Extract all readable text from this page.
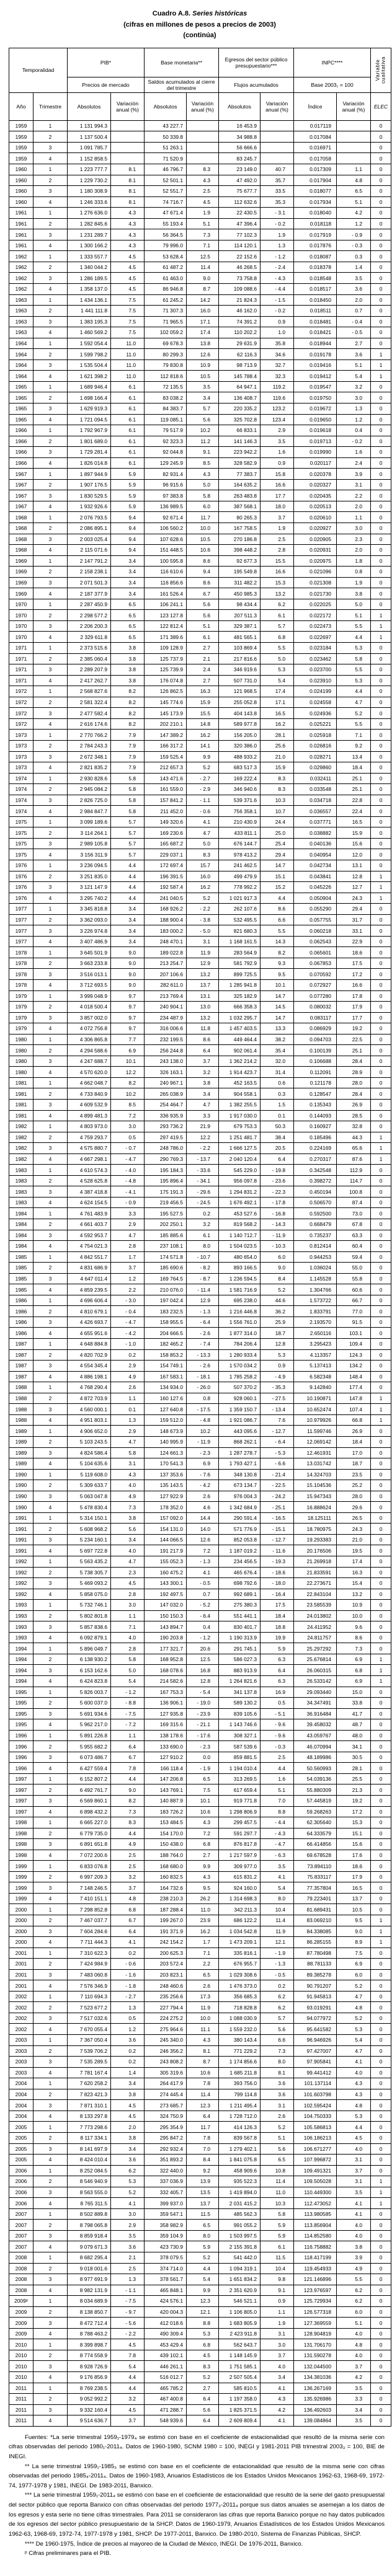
Cuadro A.8. Series históricas
(cifras en millones de pesos a precios de 2003)
(continúa)
Temporalidad		PIB*		Base monetaria**		Egresos del sector público presupuestario***		INPC****		Variable cualitativa

		Precios de mercado		Saldos acumulados al cierre del trimestre		Flujos acumulados		Base 2003₁ = 100		
Año	Trimestre	Absolutos	Variación anual (%)	Absolutos	Variación anual (%)	Absolutos	Variación anual (%)	Índice	Variación anual (%)	ELEC
1959	1	1 131 994.3		43 227.7		16 453.9		0.017119		0
1959	2	1 137 500.4		50 339.8		34 988.8		0.017084		0
1959	3	1 091 785.7		51 263.1		56 666.6		0.016971		0
1959	4	1 152 858.5		71 520.9		83 245.7		0.017058		0
1960	1	1 223 777.7	8.1	46 796.7	8.3	23 149.0	40.7	0.017309	1.1	0
1960	2	1 229 730.2	8.1	52 501.1	4.3	47 492.0	35.7	0.017904	4.8	0
1960	3	1 180 308.9	8.1	52 551.7	2.5	75 677.7	33.5	0.018077	6.5	0
1960	4	1 246 333.6	8.1	74 716.7	4.5	112 632.6	35.3	0.017934	5.1	0
1961	1	1 276 636.0	4.3	47 671.4	1.9	22 430.5	- 3.1	0.018040	4.2	0
1961	2	1 282 845.6	4.3	55 193.4	5.1	47 396.4	- 0.2	0.018118	1.2	0
1961	3	1 231 289.7	4.3	56 364.5	7.3	77 102.3	1.9	0.017919	- 0.9	0
1961	4	1 300 166.2	4.3	79 996.0	7.1	114 120.1	1.3	0.017876	- 0.3	0
1962	1	1 333 557.7	4.5	53 628.4	12.5	22 152.6	- 1.2	0.018087	0.3	0
1962	2	1 340 044.2	4.5	61 487.2	11.4	46 268.5	- 2.4	0.018378	1.4	0
1962	3	1 286 189.5	4.5	61 463.0	9.0	73 758.8	- 4.3	0.018548	3.5	0
1962	4	1 358 137.0	4.5	86 946.8	8.7	109 088.6	- 4.4	0.018517	3.6	0
1963	1	1 434 136.1	7.5	61 245.2	14.2	21 824.3	- 1.5	0.018450	2.0	0
1963	2	1 441 111.8	7.5	71 307.3	16.0	46 162.0	- 0.2	0.018511	0.7	0
1963	3	1 383 195.3	7.5	71 965.5	17.1	74 391.2	0.9	0.018481	- 0.4	0
1963	4	1 460 569.2	7.5	102 059.2	17.4	110 202.2	1.0	0.018421	- 0.5	0
1964	1	1 592 054.4	11.0	69 678.3	13.8	29 631.9	35.8	0.018944	2.7	0
1964	2	1 599 798.2	11.0	80 299.3	12.6	62 116.3	34.6	0.019178	3.6	1
1964	3	1 535 504.4	11.0	79 830.8	10.9	98 713.9	32.7	0.019416	5.1	1
1964	4	1 621 398.2	11.0	112 818.6	10.5	145 788.4	32.3	0.019412	5.4	1
1965	1	1 689 946.4	6.1	72 135.5	3.5	64 947.1	119.2	0.019547	3.2	0
1965	2	1 698 166.4	6.1	83 038.2	3.4	136 408.7	119.6	0.019750	3.0	0
1965	3	1 629 919.3	6.1	84 383.7	5.7	220 335.2	123.2	0.019672	1.3	0
1965	4	1 721 094.5	6.1	119 085.1	5.6	325 702.8	123.4	0.019650	1.2	0
1966	1	1 792 967.9	6.1	79 517.9	10.2	66 833.1	2.9	0.019618	0.4	0
1966	2	1 801 689.0	6.1	92 323.3	11.2	141 146.3	3.5	0.019713	- 0.2	0
1966	3	1 729 281.4	6.1	92 044.8	9.1	223 942.2	1.6	0.019990	1.6	0
1966	4	1 826 014.8	6.1	129 245.9	8.5	328 582.9	0.9	0.020117	2.4	0
1967	1	1 897 944.9	5.9	82 931.4	4.3	77 383.7	15.8	0.020378	3.9	0
1967	2	1 907 176.5	5.9	96 915.6	5.0	164 635.2	16.6	0.020327	3.1	0
1967	3	1 830 529.5	5.9	97 383.8	5.8	263 483.8	17.7	0.020435	2.2	0
1967	4	1 932 926.6	5.9	136 989.5	6.0	387 568.1	18.0	0.020513	2.0	0
1968	1	2 076 793.5	9.4	92 671.4	11.7	80 265.3	3.7	0.020610	1.1	0
1968	2	2 086 895.1	9.4	106 560.2	10.0	167 758.5	1.9	0.020927	3.0	0
1968	3	2 003 025.4	9.4	107 628.6	10.5	270 186.8	2.5	0.020905	2.3	0
1968	4	2 115 071.6	9.4	151 448.5	10.6	398 448.2	2.8	0.020931	2.0	0
1969	1	2 147 791.2	3.4	100 595.8	8.6	92 677.3	15.5	0.020975	1.8	0
1969	2	2 158 238.1	3.4	116 610.6	9.4	195 549.8	16.6	0.021096	0.8	0
1969	3	2 071 501.3	3.4	116 856.6	8.6	311 482.2	15.3	0.021308	1.9	0
1969	4	2 187 377.9	3.4	161 526.4	6.7	450 985.3	13.2	0.021730	3.8	0
1970	1	2 287 450.9	6.5	106 241.1	5.6	98 434.4	6.2	0.022025	5.0	0
1970	2	2 298 577.2	6.5	123 127.8	5.6	207 511.3	6.1	0.022172	5.1	1
1970	3	2 206 200.3	6.5	122 812.4	5.1	329 387.1	5.7	0.022473	5.5	1
1970	4	2 329 611.8	6.5	171 389.6	6.1	481 565.1	6.8	0.022697	4.4	1
1971	1	2 373 515.6	3.8	109 128.9	2.7	103 869.4	5.5	0.023184	5.3	0
1971	2	2 385 060.4	3.8	125 737.9	2.1	217 816.6	5.0	0.023462	5.8	0
1971	3	2 289 207.9	3.8	125 739.9	2.4	346 919.6	5.3	0.023700	5.5	0
1971	4	2 417 262.7	3.8	176 074.8	2.7	507 731.0	5.4	0.023910	5.3	0
1972	1	2 568 827.6	8.2	126 862.5	16.3	121 968.5	17.4	0.024199	4.4	0
1972	2	2 581 322.4	8.2	145 774.6	15.9	255 052.8	17.1	0.024558	4.7	0
1972	3	2 477 582.4	8.2	145 173.9	15.5	404 143.8	16.5	0.024936	5.2	0
1972	4	2 616 174.6	8.2	202 210.1	14.8	589 977.8	16.2	0.025221	5.5	0
1973	1	2 770 766.2	7.9	147 389.2	16.2	156 205.0	28.1	0.025918	7.1	0
1973	2	2 784 243.3	7.9	166 317.2	14.1	320 386.0	25.6	0.026816	9.2	0
1973	3	2 672 348.1	7.9	159 525.4	9.9	488 933.2	21.0	0.028271	13.4	0
1973	4	2 821 835.2	7.9	212 657.3	5.2	683 517.3	15.9	0.029860	18.4	0
1974	1	2 930 828.6	5.8	143 471.6	- 2.7	169 222.4	8.3	0.032411	25.1	0
1974	2	2 945 084.2	5.8	161 559.0	- 2.9	346 940.6	8.3	0.033548	25.1	0
1974	3	2 826 725.0	5.8	157 841.2	- 1.1	539 371.6	10.3	0.034718	22.8	0
1974	4	2 984 847.7	5.8	211 452.0	- 0.6	756 358.1	10.7	0.036557	22.4	0
1975	1	3 099 189.6	5.7	149 320.6	4.1	210 430.9	24.4	0.037771	16.5	0
1975	2	3 114 264.1	5.7	169 230.6	4.7	433 811.1	25.0	0.038882	15.9	0
1975	3	2 989 105.8	5.7	165 687.2	5.0	676 144.7	25.4	0.040136	15.6	0
1975	4	3 156 311.9	5.7	229 037.1	8.3	978 413.2	29.4	0.040954	12.0	0
1976	1	3 236 094.5	4.4	172 697.4	15.7	241 462.5	14.7	0.042734	13.1	0
1976	2	3 251 835.0	4.4	196 391.5	16.0	499 479.9	15.1	0.043841	12.8	1
1976	3	3 121 147.9	4.4	192 587.4	16.2	778 992.2	15.2	0.045226	12.7	1
1976	4	3 295 740.2	4.4	241 040.5	5.2	1 021 917.3	4.4	0.050904	24.3	1
1977	1	3 345 818.8	3.4	168 926.2	- 2.2	262 107.6	8.6	0.055290	29.4	0
1977	2	3 362 093.0	3.4	188 900.4	- 3.8	532 495.5	6.6	0.057755	31.7	0
1977	3	3 226 974.8	3.4	183 000.2	- 5.0	821 680.3	5.5	0.060218	33.1	0
1977	4	3 407 486.9	3.4	248 470.1	3.1	1 168 161.5	14.3	0.062543	22.9	0
1978	1	3 645 501.9	9.0	189 022.8	11.9	283 564.9	8.2	0.065601	18.6	0
1978	2	3 663 233.8	9.0	213 254.7	12.9	581 792.9	9.3	0.067853	17.5	0
1978	3	3 516 013.1	9.0	207 106.6	13.2	899 725.5	9.5	0.070592	17.2	0
1978	4	3 712 693.5	9.0	282 611.0	13.7	1 285 941.8	10.1	0.072927	16.6	0
1979	1	3 999 048.9	9.7	213 769.4	13.1	325 182.9	14.7	0.077280	17.8	0
1979	2	4 018 500.4	9.7	240 904.1	13.0	666 358.3	14.5	0.080032	17.9	0
1979	3	3 857 002.0	9.7	234 487.9	13.2	1 032 295.7	14.7	0.083117	17.7	0
1979	4	4 072 756.8	9.7	316 006.6	11.8	1 457 403.5	13.3	0.086929	19.2	0
1980	1	4 306 865.8	7.7	232 199.5	8.6	449 464.4	38.2	0.094703	22.5	0
1980	2	4 294 588.6	6.9	256 244.8	6.4	902 061.4	35.4	0.100139	25.1	0
1980	3	4 247 688.7	10.1	243 138.0	3.7	1 362 214.2	32.0	0.106688	28.4	0
1980	4	4 570 620.0	12.2	326 163.1	3.2	1 914 423.7	31.4	0.112091	28.9	0
1981	1	4 662 048.7	8.2	240 967.1	3.8	452 163.5	0.6	0.121178	28.0	0
1981	2	4 733 840.9	10.2	265 038.9	3.4	904 558.1	0.3	0.128547	28.4	0
1981	3	4 609 532.9	8.5	254 464.7	4.7	1 382 255.5	1.5	0.135343	26.9	0
1981	4	4 899 481.3	7.2	336 935.9	3.3	1 917 030.0	0.1	0.144093	28.5	0
1982	1	4 803 973.0	3.0	293 736.2	21.9	679 753.3	50.3	0.160927	32.8	0
1982	2	4 759 293.7	0.5	297 419.5	12.2	1 251 481.7	38.4	0.185496	44.3	1
1982	3	4 575 880.7	- 0.7	248 786.0	- 2.2	1 666 127.5	20.5	0.224169	65.6	1
1982	4	4 667 298.1	- 4.7	290 769.3	- 13.7	2 040 120.4	6.4	0.270317	87.6	1
1983	1	4 610 574.3	- 4.0	195 184.3	- 33.6	545 229.0	- 19.8	0.342548	112.9	0
1983	2	4 528 625.8	- 4.8	195 896.4	- 34.1	956 097.8	- 23.6	0.398272	114.7	0
1983	3	4 387 418.8	- 4.1	175 191.3	- 29.6	1 294 831.2	- 22.3	0.450194	100.8	0
1983	4	4 624 154.5	- 0.9	219 456.5	- 24.5	1 676 492.1	- 17.8	0.506570	87.4	0
1984	1	4 761 483.9	3.3	195 527.5	0.2	453 527.6	- 16.8	0.592500	73.0	0
1984	2	4 661 403.7	2.9	202 250.1	3.2	819 568.2	- 14.3	0.668479	67.8	0
1984	3	4 592 953.7	4.7	185 885.6	6.1	1 140 712.7	- 11.9	0.735237	63.3	0
1984	4	4 754 021.3	2.8	237 108.1	8.0	1 504 023.5	- 10.3	0.812414	60.4	0
1985	1	4 842 551.7	1.7	174 571.8	- 10.7	480 654.0	6.0	0.944253	59.4	0
1985	2	4 831 686.9	3.7	185 690.6	- 8.2	893 166.5	9.0	1.036024	55.0	0
1985	3	4 647 011.4	1.2	169 764.5	- 8.7	1 236 594.5	8.4	1.145528	55.8	0
1985	4	4 859 239.5	2.2	210 076.0	- 11.4	1 581 716.9	5.2	1.304766	60.6	0
1986	1	4 696 606.4	- 3.0	197 042.4	12.9	695 238.0	44.6	1.573722	66.7	0
1986	2	4 810 679.1	- 0.4	183 232.5	- 1.3	1 216 446.8	36.2	1.833791	77.0	0
1986	3	4 426 693.7	- 4.7	158 955.5	- 6.4	1 556 761.0	25.9	2.193570	91.5	0
1986	4	4 655 951.6	- 4.2	204 666.5	- 2.6	1 877 314.0	18.7	2.650116	103.1	0
1987	1	4 648 884.8	- 1.0	182 465.2	- 7.4	784 206.4	12.8	3.295423	109.4	0
1987	2	4 820 702.9	0.2	158 853.2	- 13.3	1 280 933.4	5.3	4.113357	124.3	0
1987	3	4 554 345.4	2.9	154 749.1	- 2.6	1 570 034.2	0.9	5.137413	134.2	0
1987	4	4 886 198.1	4.9	167 583.1	- 18.1	1 785 258.2	- 4.9	6.582348	148.4	0
1988	1	4 768 290.4	2.6	134 934.0	- 26.0	507 370.2	- 35.3	9.142840	177.4	0
1988	2	4 872 703.9	1.1	160 127.6	0.8	928 060.1	- 27.5	10.190871	147.8	1
1988	3	4 560 000.1	0.1	127 640.8	- 17.5	1 359 150.7	- 13.4	10.652474	107.4	1
1988	4	4 951 803.1	1.3	159 512.0	- 4.8	1 921 086.7	7.6	10.979926	66.8	1
1989	1	4 906 652.0	2.9	148 673.9	10.2	443 095.6	- 12.7	11.599746	26.9	0
1989	2	5 103 243.5	4.7	140 995.9	- 11.9	868 262.1	- 6.4	12.069142	18.4	0
1989	3	4 824 586.4	5.8	124 661.3	- 2.3	1 287 278.7	- 5.3	12.461931	17.0	0
1989	4	5 104 635.6	3.1	170 541.3	6.9	1 793 427.1	- 6.6	13.031742	18.7	0
1990	1	5 119 608.0	4.3	137 353.6	- 7.6	348 130.8	- 21.4	14.324703	23.5	0
1990	2	5 309 633.7	4.0	135 143.5	- 4.2	673 134.7	- 22.5	15.104536	25.2	0
1990	3	5 063 047.8	4.9	127 922.9	2.6	976 004.3	- 24.2	15.947343	28.0	0
1990	4	5 478 830.4	7.3	178 352.0	4.6	1 342 684.9	- 25.1	16.888624	29.6	0
1991	1	5 314 150.1	3.8	157 092.0	14.4	290 591.4	- 16.5	18.125111	26.5	0
1991	2	5 608 968.2	5.6	154 131.0	14.0	571 776.9	- 15.1	18.780975	24.3	0
1991	3	5 234 160.1	3.4	144 066.5	12.6	852 053.8	- 12.7	19.293383	21.0	0
1991	4	5 697 722.8	4.0	191 217.9	7.2	1 187 019.2	- 11.6	20.176506	19.5	0
1992	1	5 563 435.2	4.7	155 052.3	- 1.3	234 456.5	- 19.3	21.269918	17.4	0
1992	2	5 738 305.7	2.3	160 475.2	4.1	465 676.4	- 18.6	21.833591	16.3	0
1992	3	5 469 093.2	4.5	143 300.1	- 0.5	698 792.6	- 18.0	22.273671	15.4	0
1992	4	5 858 075.0	2.8	192 497.5	0.7	992 689.1	- 16.4	22.843104	13.2	0
1993	1	5 732 746.1	3.0	147 032.0	- 5.2	275 380.3	17.5	23.585539	10.9	0
1993	2	5 802 801.8	1.1	150 150.3	- 6.4	551 441.1	18.4	24.013802	10.0	0
1993	3	5 857 838.6	7.1	143 894.7	0.4	830 401.7	18.8	24.411952	9.6	0
1993	4	6 092 879.1	4.0	190 203.8	- 1.2	1 190 313.9	19.9	24.811757	8.6	0
1994	1	5 896 049.7	2.8	177 321.7	20.6	291 745.1	5.9	25.297292	7.3	0
1994	2	6 138 930.2	5.8	168 952.8	12.5	586 027.3	6.3	25.676814	6.9	1
1994	3	6 153 162.6	5.0	168 078.6	16.8	883 913.9	6.4	26.060315	6.8	1
1994	4	6 424 823.8	5.4	214 582.6	12.8	1 264 821.6	6.3	26.533142	6.9	1
1995	1	5 826 003.7	- 1.2	167 753.3	- 5.4	341 137.8	16.9	29.093440	15.0	0
1995	2	5 600 037.0	- 8.8	136 906.1	- 19.0	589 130.2	0.5	34.347491	33.8	0
1995	3	5 691 934.6	- 7.5	127 935.8	- 23.9	839 105.6	- 5.1	36.916484	41.7	0
1995	4	5 962 217.0	- 7.2	169 315.6	- 21.1	1 143 746.6	- 9.6	39.458032	48.7	0
1996	1	5 891 226.8	1.1	138 178.6	- 17.6	308 327.1	- 9.6	43.059767	48.0	0
1996	2	5 955 682.2	6.4	133 690.0	- 2.3	587 539.6	- 0.3	46.070994	34.1	0
1996	3	6 073 486.7	6.7	127 910.2	0.0	859 881.5	2.5	48.189986	30.5	0
1996	4	6 427 559.4	7.8	166 118.4	- 1.9	1 194 010.4	4.4	50.560993	28.1	0
1997	1	6 152 807.2	4.4	147 206.8	6.5	313 269.5	1.6	54.039136	25.5	0
1997	2	6 492 761.7	9.0	143 769.1	7.5	617 659.4	5.1	55.880309	21.3	0
1997	3	6 569 860.1	8.2	140 887.9	10.1	919 771.8	7.0	57.445819	19.2	0
1997	4	6 898 432.2	7.3	183 726.2	10.6	1 298 806.9	8.8	59.268263	17.2	0
1998	1	6 665 227.0	8.3	153 484.5	4.3	299 457.5	- 4.4	62.305640	15.3	0
1998	2	6 779 735.0	4.4	154 170.0	7.2	591 297.7	- 4.3	64.333579	15.1	0
1998	3	6 891 651.8	4.9	150 438.0	6.8	876 817.8	- 4.7	66.414856	15.6	0
1998	4	7 072 200.6	2.5	188 764.0	2.7	1 217 597.9	- 6.3	69.678528	17.6	0
1999	1	6 833 076.8	2.5	168 680.0	9.9	309 977.0	3.5	73.894110	18.6	0
1999	2	6 997 209.3	3.2	160 832.5	4.3	615 831.2	4.1	75.833117	17.9	0
1999	3	7 148 246.5	3.7	164 732.6	9.5	924 160.0	5.4	77.357804	16.5	0
1999	4	7 410 151.1	4.8	238 210.3	26.2	1 314 698.3	8.0	79.223401	13.7	0
2000	1	7 298 852.8	6.8	187 288.4	11.0	342 211.3	10.4	81.689431	10.5	0
2000	2	7 467 037.7	6.7	199 267.0	23.9	686 122.2	11.4	83.069210	9.5	1
2000	3	7 604 284.6	6.4	191 371.9	16.2	1 034 542.8	11.9	84.338085	9.0	1
2000	4	7 711 444.3	4.1	242 154.2	1.7	1 473 209.1	12.1	86.285155	8.9	1
2001	1	7 310 622.3	0.2	200 625.3	7.1	335 816.1	- 1.9	87.780498	7.5	0
2001	2	7 424 984.9	- 0.6	203 572.4	2.2	676 955.7	- 1.3	88.781133	6.9	0
2001	3	7 483 060.8	- 1.6	203 823.1	6.5	1 029 308.6	- 0.5	89.385278	6.0	0
2001	4	7 576 346.9	- 1.8	248 460.6	2.6	1 476 373.0	0.2	90.791207	5.2	0
2002	1	7 110 694.3	- 2.7	235 256.6	17.3	356 685.3	6.2	91.945813	4.7	0
2002	2	7 523 677.2	1.3	227 794.4	11.9	718 828.8	6.2	93.019291	4.8	0
2002	3	7 517 032.6	0.5	224 275.2	10.0	1 088 030.9	5.7	94.077972	5.2	0
2002	4	7 670 055.4	1.2	275 964.6	11.1	1 559 232.0	5.6	95.641582	5.3	0
2003	1	7 367 050.4	3.6	245 340.0	4.3	380 143.4	6.6	96.946926	5.4	0
2003	2	7 539 706.2	0.2	246 356.2	8.1	771 229.2	7.3	97.427007	4.7	0
2003	3	7 535 289.5	0.2	243 808.2	8.7	1 174 856.6	8.0	97.905841	4.1	0
2003	4	7 781 167.4	1.4	305 319.6	10.6	1 685 211.8	8.1	99.441412	4.0	0
2004	1	7 620 258.2	3.4	264 417.9	7.8	393 756.0	3.6	101.137114	4.3	0
2004	2	7 823 421.3	3.8	274 445.4	11.4	799 114.8	3.6	101.603798	4.3	0
2004	3	7 871 310.1	4.5	273 685.7	12.3	1 211 495.4	3.1	102.595424	4.8	0
2004	4	8 133 297.8	4.5	324 750.9	6.4	1 728 712.0	2.6	104.750333	5.3	0
2005	1	7 773 298.6	2.0	295 354.9	11.7	414 126.3	5.2	105.586813	4.4	0
2005	2	8 117 334.1	3.8	295 847.2	7.8	839 567.8	5.1	106.186213	4.5	0
2005	3	8 141 697.9	3.4	292 932.4	7.0	1 279 402.1	5.6	106.671277	4.0	0
2005	4	8 424 010.4	3.6	351 893.2	8.4	1 841 075.8	6.5	107.996872	3.1	0
2006	1	8 252 084.5	6.2	322 440.0	9.2	458 909.6	10.8	109.491321	3.7	0
2006	2	8 546 940.9	5.3	337 036.9	13.9	935 522.3	11.4	109.505028	3.1	1
2006	3	8 563 555.0	5.2	332 405.7	13.5	1 419 894.0	11.0	110.449300	3.5	1
2006	4	8 765 311.5	4.1	399 937.0	13.7	2 031 415.2	10.3	112.473052	4.1	1
2007	1	8 502 889.8	3.0	359 547.1	11.5	485 562.3	5.8	113.980585	4.1	0
2007	2	8 798 065.8	2.9	358 982.9	6.5	991 055.2	5.9	113.856904	4.0	0
2007	3	8 859 918.4	3.5	359 104.9	8.0	1 503 997.5	5.9	114.852580	4.0	0
2007	4	9 079 671.3	3.6	423 730.9	5.9	2 155 391.8	6.1	116.758882	3.8	0
2008	1	8 682 295.4	2.1	378 079.5	5.2	541 442.0	11.5	118.417199	3.9	0
2008	2	9 018 001.6	2.5	374 714.0	4.4	1 094 319.1	10.4	119.454933	4.9	0
2008	3	8 977 691.9	1.3	378 561.7	5.4	1 651 834.2	9.8	121.146896	5.5	0
2008	4	8 982 131.9	- 1.1	465 848.1	9.9	2 351 620.9	9.1	123.976597	6.2	0
2009ᵖ	1	8 034 689.9	- 7.5	424 576.1	12.3	546 521.1	0.9	125.729934	6.2	0
2009	2	8 138 850.7	- 9.7	420 004.3	12.1	1 106 805.0	1.1	126.577318	6.0	0
2009	3	8 472 712.4	- 5.6	412 018.6	8.8	1 683 805.9	1.9	127.369559	5.1	0
2009	4	8 788 463.2	- 2.2	490 309.4	5.3	2 423 911.8	3.1	128.904819	4.0	0
2010	1	8 399 898.7	4.5	453 429.4	6.8	562 643.7	3.0	131.706170	4.8	0
2010	2	8 774 558.9	7.8	439 102.1	4.5	1 148 145.9	3.7	131.590278	4.0	0
2010	3	8 928 726.9	5.4	446 261.1	8.3	1 751 585.1	4.0	132.044500	3.7	0
2010	4	9 176 856.9	4.4	516 012.7	5.2	2 507 505.4	3.4	134.381036	4.2	0
2011	1	8 769 238.5	4.4	465 785.2	2.7	585 810.5	4.1	136.267169	3.5	0
2011	2	9 052 992.2	3.2	467 400.8	6.4	1 197 358.0	4.3	135.926986	3.3	0
2011	3	9 332 160.4	4.5	471 288.7	5.6	1 825 371.5	4.2	136.492603	3.4	0
2011	4	9 514 636.7	3.7	548 939.6	6.4	2 609 809.4	4.1	139.084864	3.5	0

Fuentes: *La serie trimestral 1959₁-1979₄ se estimó con base en el coeficiente de estacionalidad que resultó de la misma serie con cifras observadas del periodo 1980₁-2011₄. Datos de 1960-1980, SCNM 1980 = 100, INEGI y 1981-2011 PIB trimestral 2003₃ = 100, BIE de INEGI.

** La serie trimestral 1959₁-1985₃ se estimó con base en el coeficiente de estacionalidad que resultó de la misma serie con cifras observadas del periodo 1985₄-2011₄. Datos de 1960-1983, Anuarios Estadísticos de los Estados Unidos Mexicanos 1962-63, 1968-69, 1972-74, 1977-1978 y 1981, INEGI. De 1983-2011, Banxico.

*** La serie trimestral 1959₁-2011₄ se estimó con base en el coeficiente de estacionalidad que resultó de la serie del gasto presupuestal del sector público que reporta Banxico con cifras observadas del periodo 1977₃-2011₄ porque sus datos anuales se asemejan a los datos de los egresos y esta serie no tiene cifras trimestrales. Para 2011 se consideraron las cifras que reporta Banxico porque no hay datos publicados de los egresos del sector público presupuestario de la SHCP. Datos de 1960-1979, Anuarios Estadísticos de los Estados Unidos Mexicanos 1962-63, 1968-69, 1972-74, 1977-1978 y 1981, SHCP. De 1977-2011, Banxico. De 1980-2010, Sistema de Finanzas Públicas, SHCP.

**** De 1960-1975, Índice de precios al mayoreo de la Ciudad de México, INEGI. De 1976-2011, Banxico.

ᵖ Cifras preliminares para el PIB.
